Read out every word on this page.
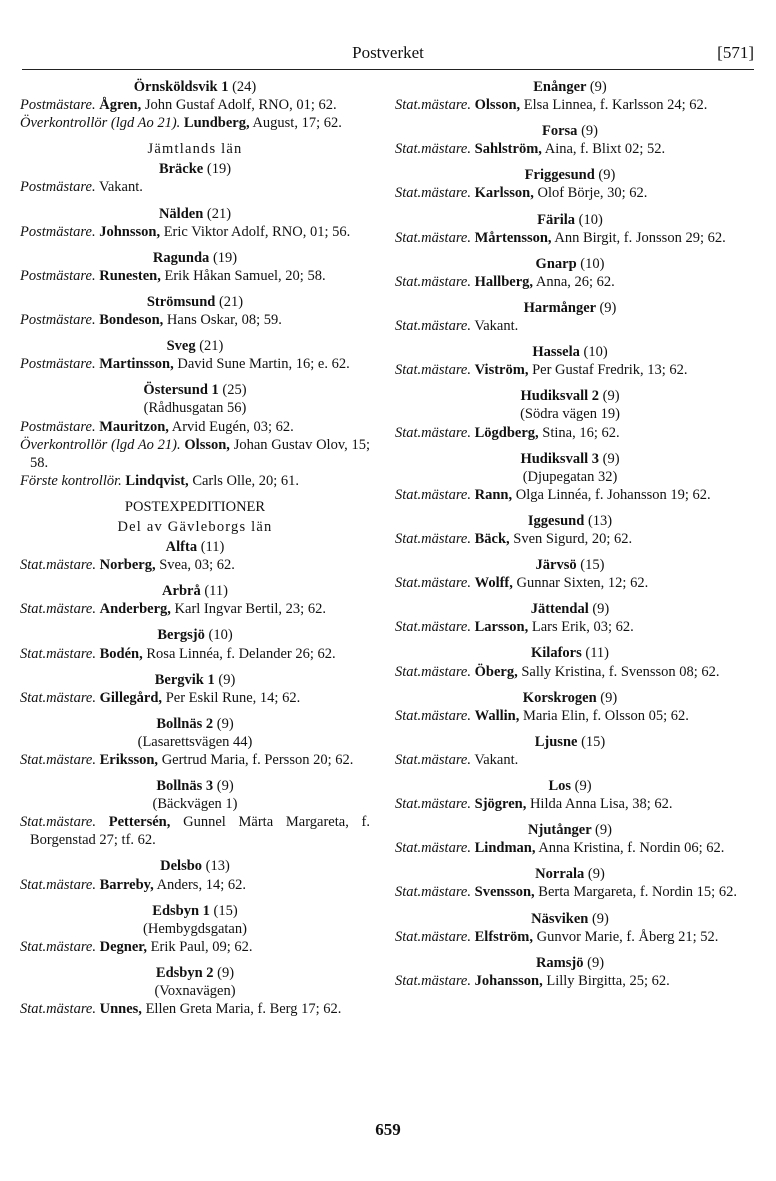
Postverket	[571]
Örnsköldsvik 1 (24)
Postmästare. Ågren, John Gustaf Adolf, RNO, 01; 62.
Överkontrollör (lgd Ao 21). Lundberg, August, 17; 62.
Jämtlands län
Bräcke (19)
Postmästare. Vakant.
Nälden (21)
Postmästare. Johnsson, Eric Viktor Adolf, RNO, 01; 56.
Ragunda (19)
Postmästare. Runesten, Erik Håkan Samuel, 20; 58.
Strömsund (21)
Postmästare. Bondeson, Hans Oskar, 08; 59.
Sveg (21)
Postmästare. Martinsson, David Sune Martin, 16; e. 62.
Östersund 1 (25)
(Rådhusgatan 56)
Postmästare. Mauritzon, Arvid Eugén, 03; 62.
Överkontrollör (lgd Ao 21). Olsson, Johan Gustav Olov, 15; 58.
Förste kontrollör. Lindqvist, Carls Olle, 20; 61.
POSTEXPEDITIONER
Del av Gävleborgs län
Alfta (11)
Stat.mästare. Norberg, Svea, 03; 62.
Arbrå (11)
Stat.mästare. Anderberg, Karl Ingvar Bertil, 23; 62.
Bergsjö (10)
Stat.mästare. Bodén, Rosa Linnéa, f. Delander 26; 62.
Bergvik 1 (9)
Stat.mästare. Gillegård, Per Eskil Rune, 14; 62.
Bollnäs 2 (9)
(Lasarettsvägen 44)
Stat.mästare. Eriksson, Gertrud Maria, f. Persson 20; 62.
Bollnäs 3 (9)
(Bäckvägen 1)
Stat.mästare. Pettersén, Gunnel Märta Margareta, f. Borgenstad 27; tf. 62.
Delsbo (13)
Stat.mästare. Barreby, Anders, 14; 62.
Edsbyn 1 (15)
(Hembygdsgatan)
Stat.mästare. Degner, Erik Paul, 09; 62.
Edsbyn 2 (9)
(Voxnavägen)
Stat.mästare. Unnes, Ellen Greta Maria, f. Berg 17; 62.
Enånger (9)
Stat.mästare. Olsson, Elsa Linnea, f. Karlsson 24; 62.
Forsa (9)
Stat.mästare. Sahlström, Aina, f. Blixt 02; 52.
Friggesund (9)
Stat.mästare. Karlsson, Olof Börje, 30; 62.
Färila (10)
Stat.mästare. Mårtensson, Ann Birgit, f. Jonsson 29; 62.
Gnarp (10)
Stat.mästare. Hallberg, Anna, 26; 62.
Harmånger (9)
Stat.mästare. Vakant.
Hassela (10)
Stat.mästare. Viström, Per Gustaf Fredrik, 13; 62.
Hudiksvall 2 (9)
(Södra vägen 19)
Stat.mästare. Lögdberg, Stina, 16; 62.
Hudiksvall 3 (9)
(Djupegatan 32)
Stat.mästare. Rann, Olga Linnéa, f. Johansson 19; 62.
Iggesund (13)
Stat.mästare. Bäck, Sven Sigurd, 20; 62.
Järvsö (15)
Stat.mästare. Wolff, Gunnar Sixten, 12; 62.
Jättendal (9)
Stat.mästare. Larsson, Lars Erik, 03; 62.
Kilafors (11)
Stat.mästare. Öberg, Sally Kristina, f. Svensson 08; 62.
Korskrogen (9)
Stat.mästare. Wallin, Maria Elin, f. Olsson 05; 62.
Ljusne (15)
Stat.mästare. Vakant.
Los (9)
Stat.mästare. Sjögren, Hilda Anna Lisa, 38; 62.
Njutånger (9)
Stat.mästare. Lindman, Anna Kristina, f. Nordin 06; 62.
Norrala (9)
Stat.mästare. Svensson, Berta Margareta, f. Nordin 15; 62.
Näsviken (9)
Stat.mästare. Elfström, Gunvor Marie, f. Åberg 21; 52.
Ramsjö (9)
Stat.mästare. Johansson, Lilly Birgitta, 25; 62.
659
